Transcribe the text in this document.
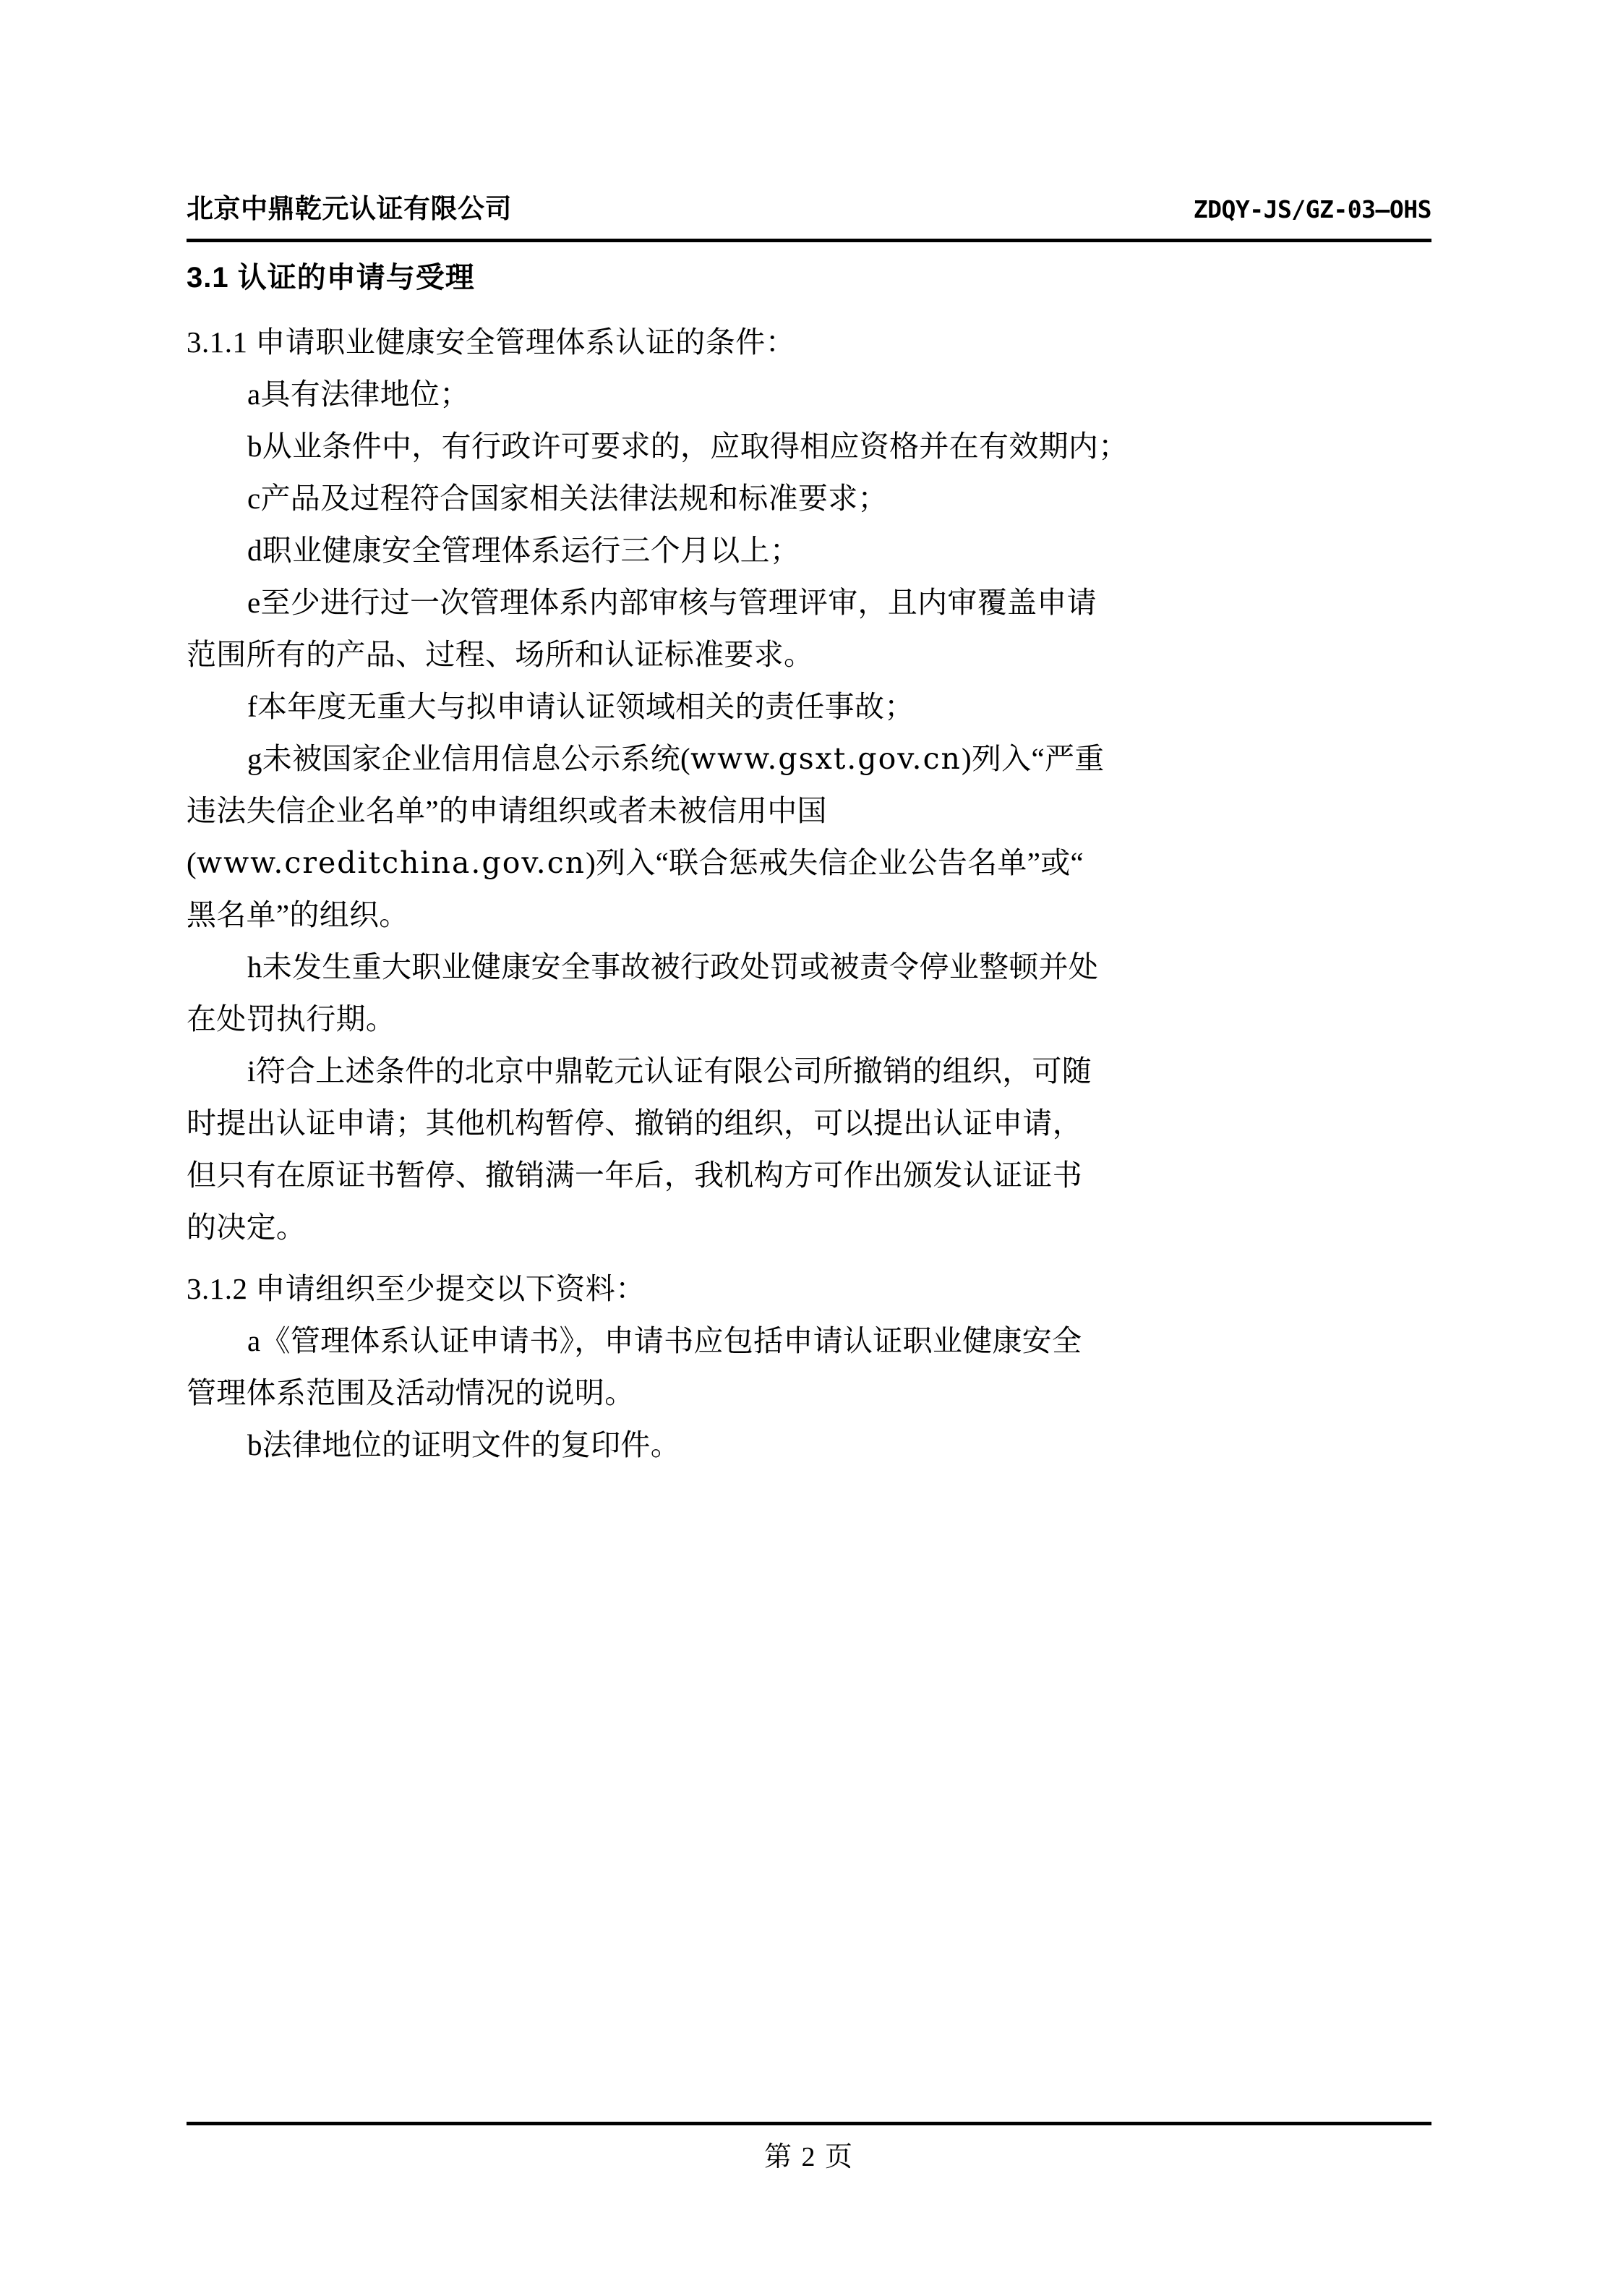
北京中鼎乾元认证有限公司	ZDQY-JS/GZ-03—OHS
3.1 认证的申请与受理
3.1.1 申请职业健康安全管理体系认证的条件：
a具有法律地位；
b从业条件中，有行政许可要求的，应取得相应资格并在有效期内；
c产品及过程符合国家相关法律法规和标准要求；
d职业健康安全管理体系运行三个月以上；
e至少进行过一次管理体系内部审核与管理评审，且内审覆盖申请
范围所有的产品、过程、场所和认证标准要求。
f本年度无重大与拟申请认证领域相关的责任事故；
g未被国家企业信用信息公示系统(www.gsxt.gov.cn)列入“严重
违法失信企业名单”的申请组织或者未被信用中国
(www.creditchina.gov.cn)列入“联合惩戒失信企业公告名单”或“
黑名单”的组织。
h未发生重大职业健康安全事故被行政处罚或被责令停业整顿并处
在处罚执行期。
i符合上述条件的北京中鼎乾元认证有限公司所撤销的组织，可随
时提出认证申请；其他机构暂停、撤销的组织，可以提出认证申请，
但只有在原证书暂停、撤销满一年后，我机构方可作出颁发认证证书
的决定。
3.1.2 申请组织至少提交以下资料：
a《管理体系认证申请书》，申请书应包括申请认证职业健康安全
管理体系范围及活动情况的说明。
b法律地位的证明文件的复印件。
第 2 页
